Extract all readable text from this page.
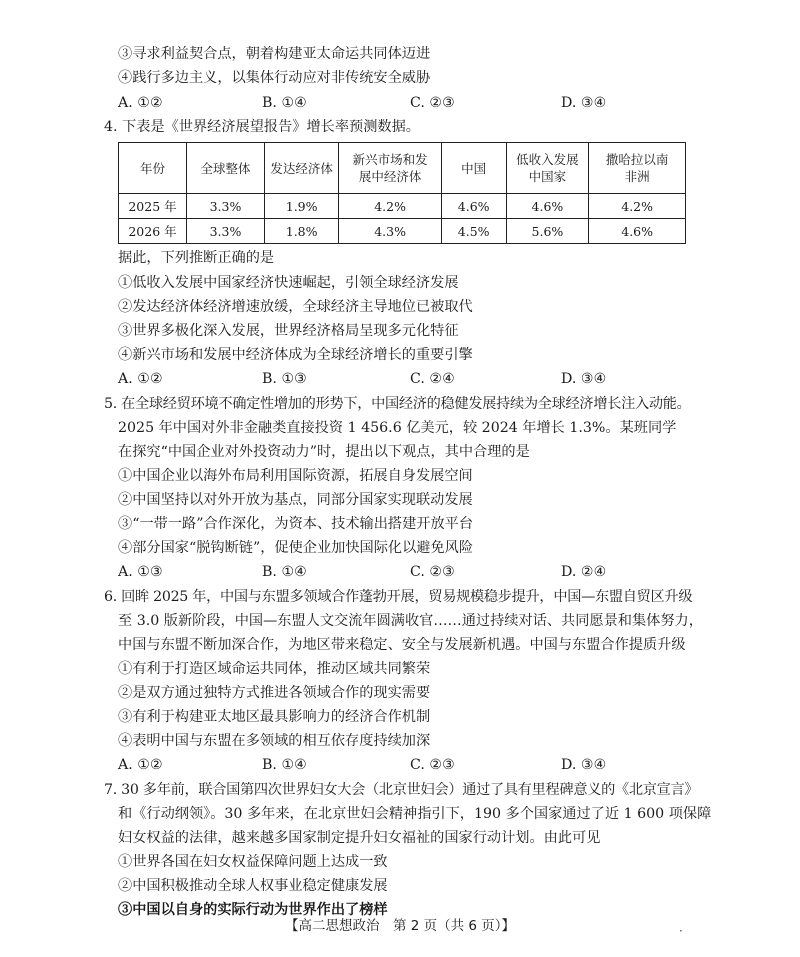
③寻求利益契合点，朝着构建亚太命运共同体迈进
④践行多边主义，以集体行动应对非传统安全威胁
A. ①②	B. ①④	C. ②③	D. ③④
4. 下表是《世界经济展望报告》增长率预测数据。
年份	全球整体	发达经济体	新兴市场和发展中经济体	中国	低收入发展中国家	撒哈拉以南非洲
2025 年	3.3%	1.9%	4.2%	4.6%	4.6%	4.2%
2026 年	3.3%	1.8%	4.3%	4.5%	5.6%	4.6%
据此，下列推断正确的是
①低收入发展中国家经济快速崛起，引领全球经济发展
②发达经济体经济增速放缓，全球经济主导地位已被取代
③世界多极化深入发展，世界经济格局呈现多元化特征
④新兴市场和发展中经济体成为全球经济增长的重要引擎
A. ①②	B. ①③	C. ②④	D. ③④
5. 在全球经贸环境不确定性增加的形势下，中国经济的稳健发展持续为全球经济增长注入动能。
2025 年中国对外非金融类直接投资 1 456.6 亿美元，较 2024 年增长 1.3%。某班同学
在探究“中国企业对外投资动力”时，提出以下观点，其中合理的是
①中国企业以海外布局利用国际资源，拓展自身发展空间
②中国坚持以对外开放为基点，同部分国家实现联动发展
③“一带一路”合作深化，为资本、技术输出搭建开放平台
④部分国家“脱钩断链”，促使企业加快国际化以避免风险
A. ①③	B. ①④	C. ②③	D. ②④
6. 回眸 2025 年，中国与东盟多领域合作蓬勃开展，贸易规模稳步提升，中国—东盟自贸区升级
至 3.0 版新阶段，中国—东盟人文交流年圆满收官……通过持续对话、共同愿景和集体努力，
中国与东盟不断加深合作，为地区带来稳定、安全与发展新机遇。中国与东盟合作提质升级
①有利于打造区域命运共同体，推动区域共同繁荣
②是双方通过独特方式推进各领域合作的现实需要
③有利于构建亚太地区最具影响力的经济合作机制
④表明中国与东盟在多领域的相互依存度持续加深
A. ①②	B. ①④	C. ②③	D. ③④
7. 30 多年前，联合国第四次世界妇女大会（北京世妇会）通过了具有里程碑意义的《北京宣言》
和《行动纲领》。30 多年来，在北京世妇会精神指引下，190 多个国家通过了近 1 600 项保障
妇女权益的法律，越来越多国家制定提升妇女福祉的国家行动计划。由此可见
①世界各国在妇女权益保障问题上达成一致
②中国积极推动全球人权事业稳定健康发展
③中国以自身的实际行动为世界作出了榜样
【高二思想政治　第 2 页（共 6 页）】	·
